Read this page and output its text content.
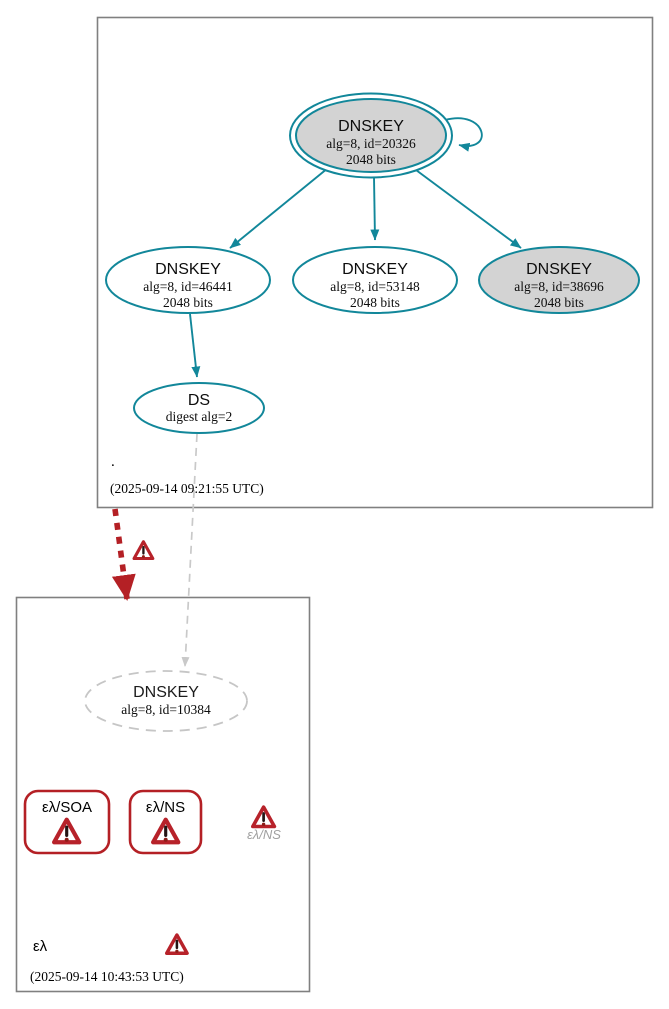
DNSKEY
alg=8, id=20326
2048 bits
DNSKEY
alg=8, id=46441
2048 bits
DNSKEY
alg=8, id=53148
2048 bits
DNSKEY
alg=8, id=38696
2048 bits
DS
digest alg=2
.
(2025-09-14 09:21:55 UTC)
DNSKEY
alg=8, id=10384
ελ/SOA	ελ/NS
ελ/NS
ελ
(2025-09-14 10:43:53 UTC)
